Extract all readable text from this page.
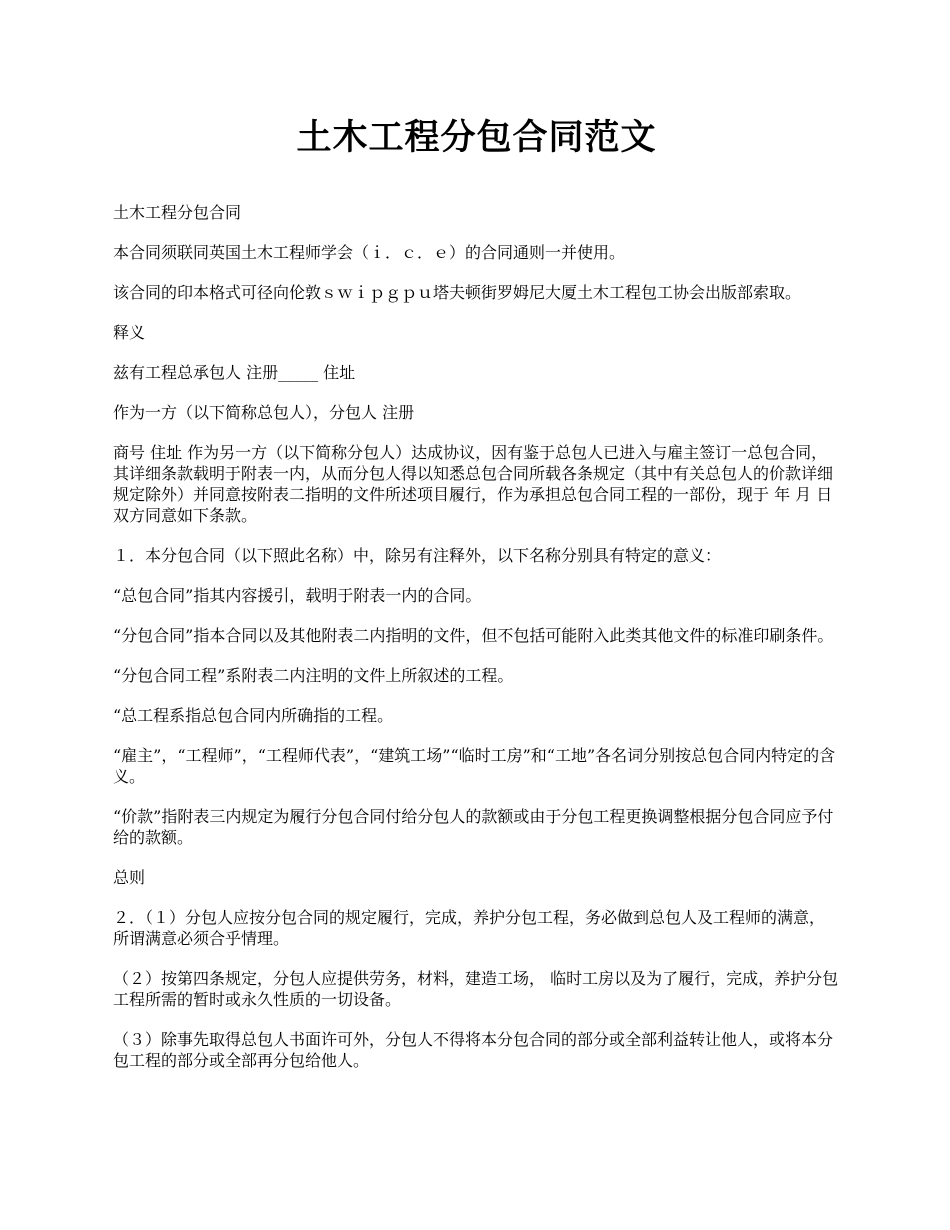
土木工程分包合同范文

土木工程分包合同

本合同须联同英国土木工程师学会（ｉ．ｃ．ｅ）的合同通则一并使用。

该合同的印本格式可径向伦敦ｓｗｉｐｇｐｕ塔夫顿街罗姆尼大厦土木工程包工协会出版部索取。

释义

兹有工程总承包人 注册_____ 住址

作为一方（以下简称总包人），分包人 注册

商号 住址 作为另一方（以下简称分包人）达成协议，因有鉴于总包人已进入与雇主签订一总包合同，其详细条款载明于附表一内，从而分包人得以知悉总包合同所载各条规定（其中有关总包人的价款详细规定除外）并同意按附表二指明的文件所述项目履行，作为承担总包合同工程的一部份，现于 年 月 日双方同意如下条款。

１．本分包合同（以下照此名称）中，除另有注释外，以下名称分别具有特定的意义：

“总包合同”指其内容援引，载明于附表一内的合同。

“分包合同”指本合同以及其他附表二内指明的文件，但不包括可能附入此类其他文件的标准印刷条件。

“分包合同工程”系附表二内注明的文件上所叙述的工程。

“总工程系指总包合同内所确指的工程。

“雇主”，“工程师”，“工程师代表”，“建筑工场”“临时工房”和“工地”各名词分别按总包合同内特定的含义。

“价款”指附表三内规定为履行分包合同付给分包人的款额或由于分包工程更换调整根据分包合同应予付给的款额。

总则

２．（１）分包人应按分包合同的规定履行，完成，养护分包工程，务必做到总包人及工程师的满意，所谓满意必须合乎情理。

（２）按第四条规定，分包人应提供劳务，材料，建造工场， 临时工房以及为了履行，完成，养护分包工程所需的暂时或永久性质的一切设备。

（３）除事先取得总包人书面许可外，分包人不得将本分包合同的部分或全部利益转让他人，或将本分包工程的部分或全部再分包给他人。
